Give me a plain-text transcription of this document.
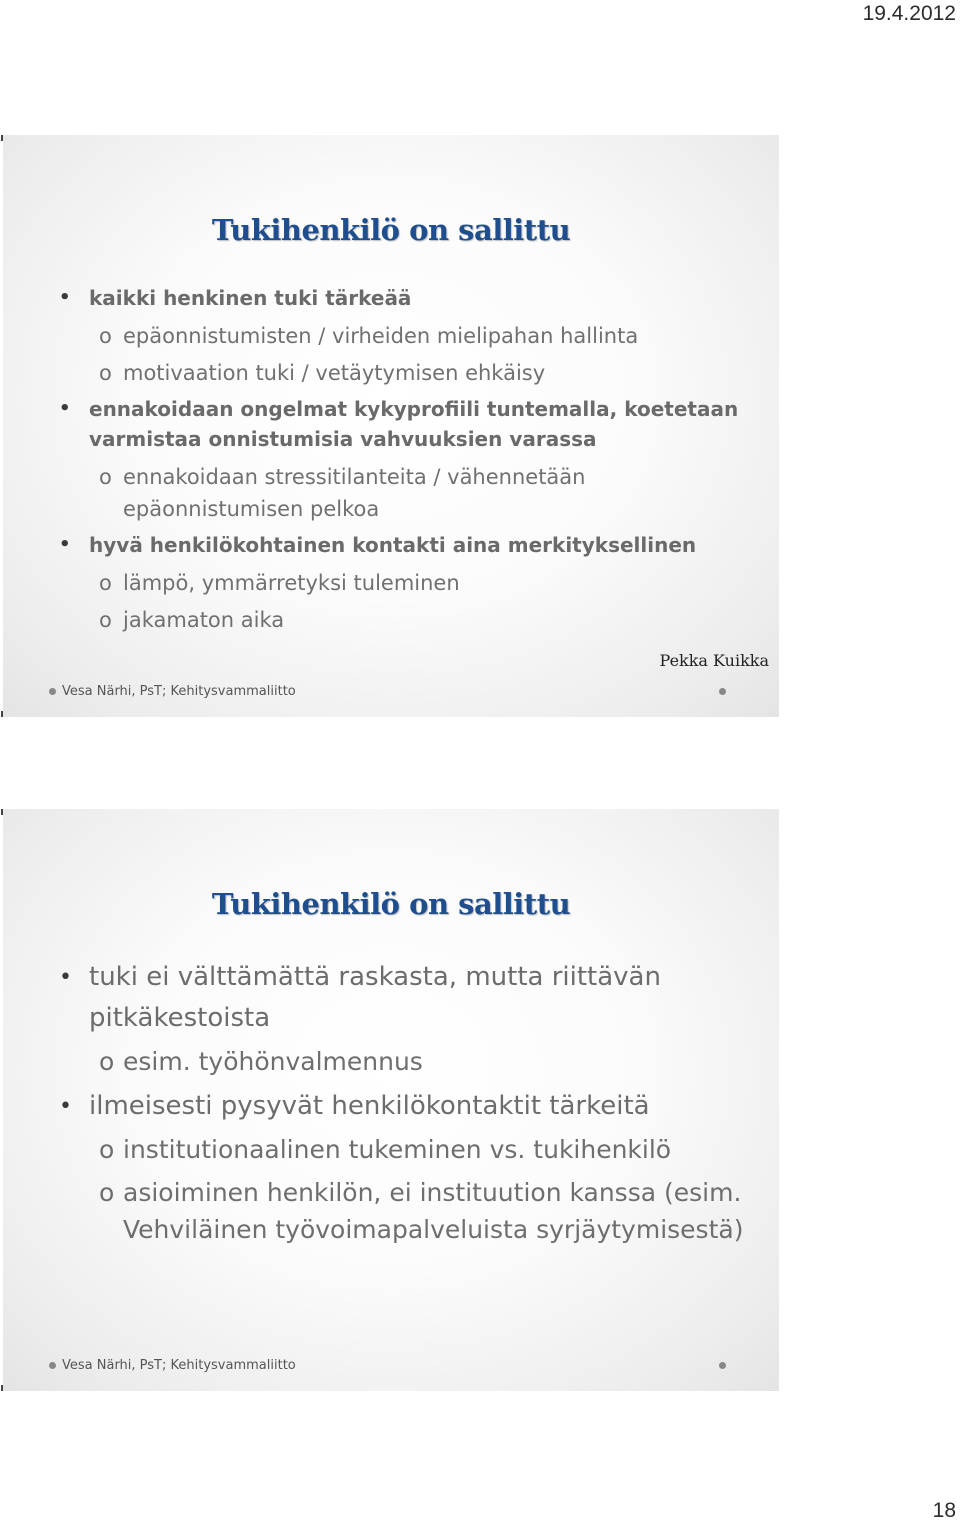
19.4.2012
Tukihenkilö on sallittu
• kaikki henkinen tuki tärkeää
o epäonnistumisten / virheiden mielipahan hallinta
o motivaation tuki / vetäytymisen ehkäisy
• ennakoidaan ongelmat kykyprofiili tuntemalla, koetetaan varmistaa onnistumisia vahvuuksien varassa
o ennakoidaan stressitilanteita / vähennetään epäonnistumisen pelkoa
• hyvä henkilökohtainen kontakti aina merkityksellinen
o lämpö, ymmärretyksi tuleminen
o jakamaton aika
Pekka Kuikka
Vesa Närhi, PsT; Kehitysvammaliitto
Tukihenkilö on sallittu
• tuki ei välttämättä raskasta, mutta riittävän pitkäkestoista
o esim. työhönvalmennus
• ilmeisesti pysyvät henkilökontaktit tärkeitä
o institutionaalinen tukeminen vs. tukihenkilö
o asioiminen henkilön, ei instituution kanssa (esim. Vehviläinen työvoimapalveluista syrjäytymisestä)
Vesa Närhi, PsT; Kehitysvammaliitto
18
